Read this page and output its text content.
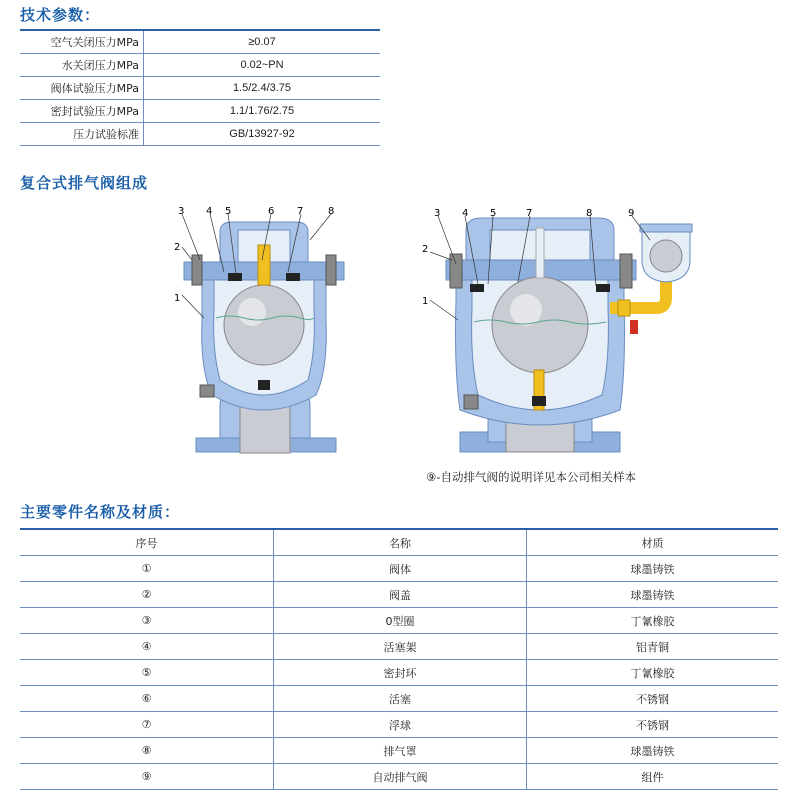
技术参数：
空气关闭压力MPa	≥0.07
水关闭压力MPa	0.02~PN
阀体试验压力MPa	1.5/2.4/3.75
密封试验压力MPa	1.1/1.76/2.75
压力试验标准	GB/13927-92
复合式排气阀组成
1
2
3 4 5	6 7 8
1
2
3 4 5	7	8	9
⑨-自动排气阀的说明详见本公司相关样本
主要零件名称及材质：
序号	名称	材质
①	阀体	球墨铸铁
②	阀盖	球墨铸铁
③	0型圈	丁氰橡胶
④	活塞架	铝青铜
⑤	密封环	丁氰橡胶
⑥	活塞	不锈钢
⑦	浮球	不锈钢
⑧	排气罩	球墨铸铁
⑨	自动排气阀	组件
